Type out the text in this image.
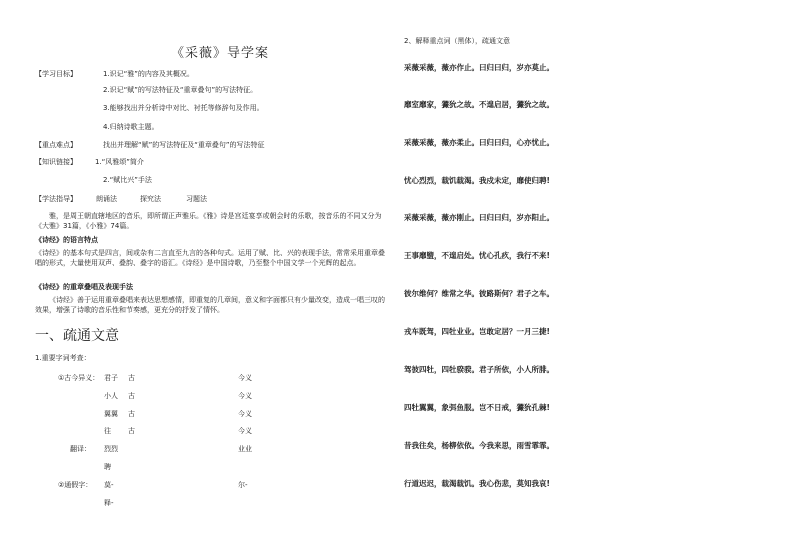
《采薇》导学案
【学习目标】	1.识记“雅”的内容及其概况。
2.识记“赋”的写法特征及“重章叠句”的写法特征。
3.能够找出并分析诗中对比、衬托等修辞句及作用。
4.归纳诗歌主题。
【重点难点】	找出并理解“赋”的写法特征及“重章叠句”的写法特征
【知识链接】	1.“风雅颂”简介
2.“赋比兴”手法
【学法指导】	朗诵法	探究法	习题法
雅，是周王朝直辖地区的音乐，即所谓正声雅乐。《雅》诗是宫廷宴享或朝会时的乐歌，按音乐的不同又分为《大雅》31篇，《小雅》74篇。
《诗经》的语言特点
《诗经》的基本句式是四言，间或杂有二言直至九言的各种句式。运用了赋、比、兴的表现手法，常常采用重章叠唱的形式，大量使用双声、叠韵、叠字的语汇。《诗经》是中国诗歌，乃至整个中国文学一个光辉的起点。
《诗经》的重章叠唱及表现手法
《诗经》善于运用重章叠唱来表达思想感情，即重复的几章间，意义和字面都只有少量改变，造成一唱三叹的效果，增强了诗歌的音乐性和节奏感，更充分的抒发了情怀。
一、疏通文意
1.重要字词考查：
①古今异义： 君子 古	今义
小人 古	今义
翼翼 古	今义
往 古	今义
翻译： 烈烈	业业
聘
②通假字： 莫-	尔-
释-
2、解释重点词（黑体），疏通文意
采薇采薇，薇亦作止。曰归曰归，岁亦莫止。
靡室靡家，玁狁之故。不遑启居，玁狁之故。
采薇采薇，薇亦柔止。曰归曰归，心亦忧止。
忧心烈烈，载饥载渴。我戍未定，靡使归聘!
采薇采薇，薇亦刚止。曰归曰归，岁亦阳止。
王事靡盬，不遑启处。忧心孔疚，我行不来!
彼尔维何？维常之华。彼路斯何？君子之车。
戎车既驾，四牡业业。岂敢定居？一月三捷!
驾彼四牡，四牡骙骙。君子所依，小人所腓。
四牡翼翼，象弭鱼服。岂不日戒，玁狁孔棘!
昔我往矣，杨柳依依。今我来思，雨雪霏霏。
行道迟迟，载渴载饥。我心伤悲，莫知我哀!
